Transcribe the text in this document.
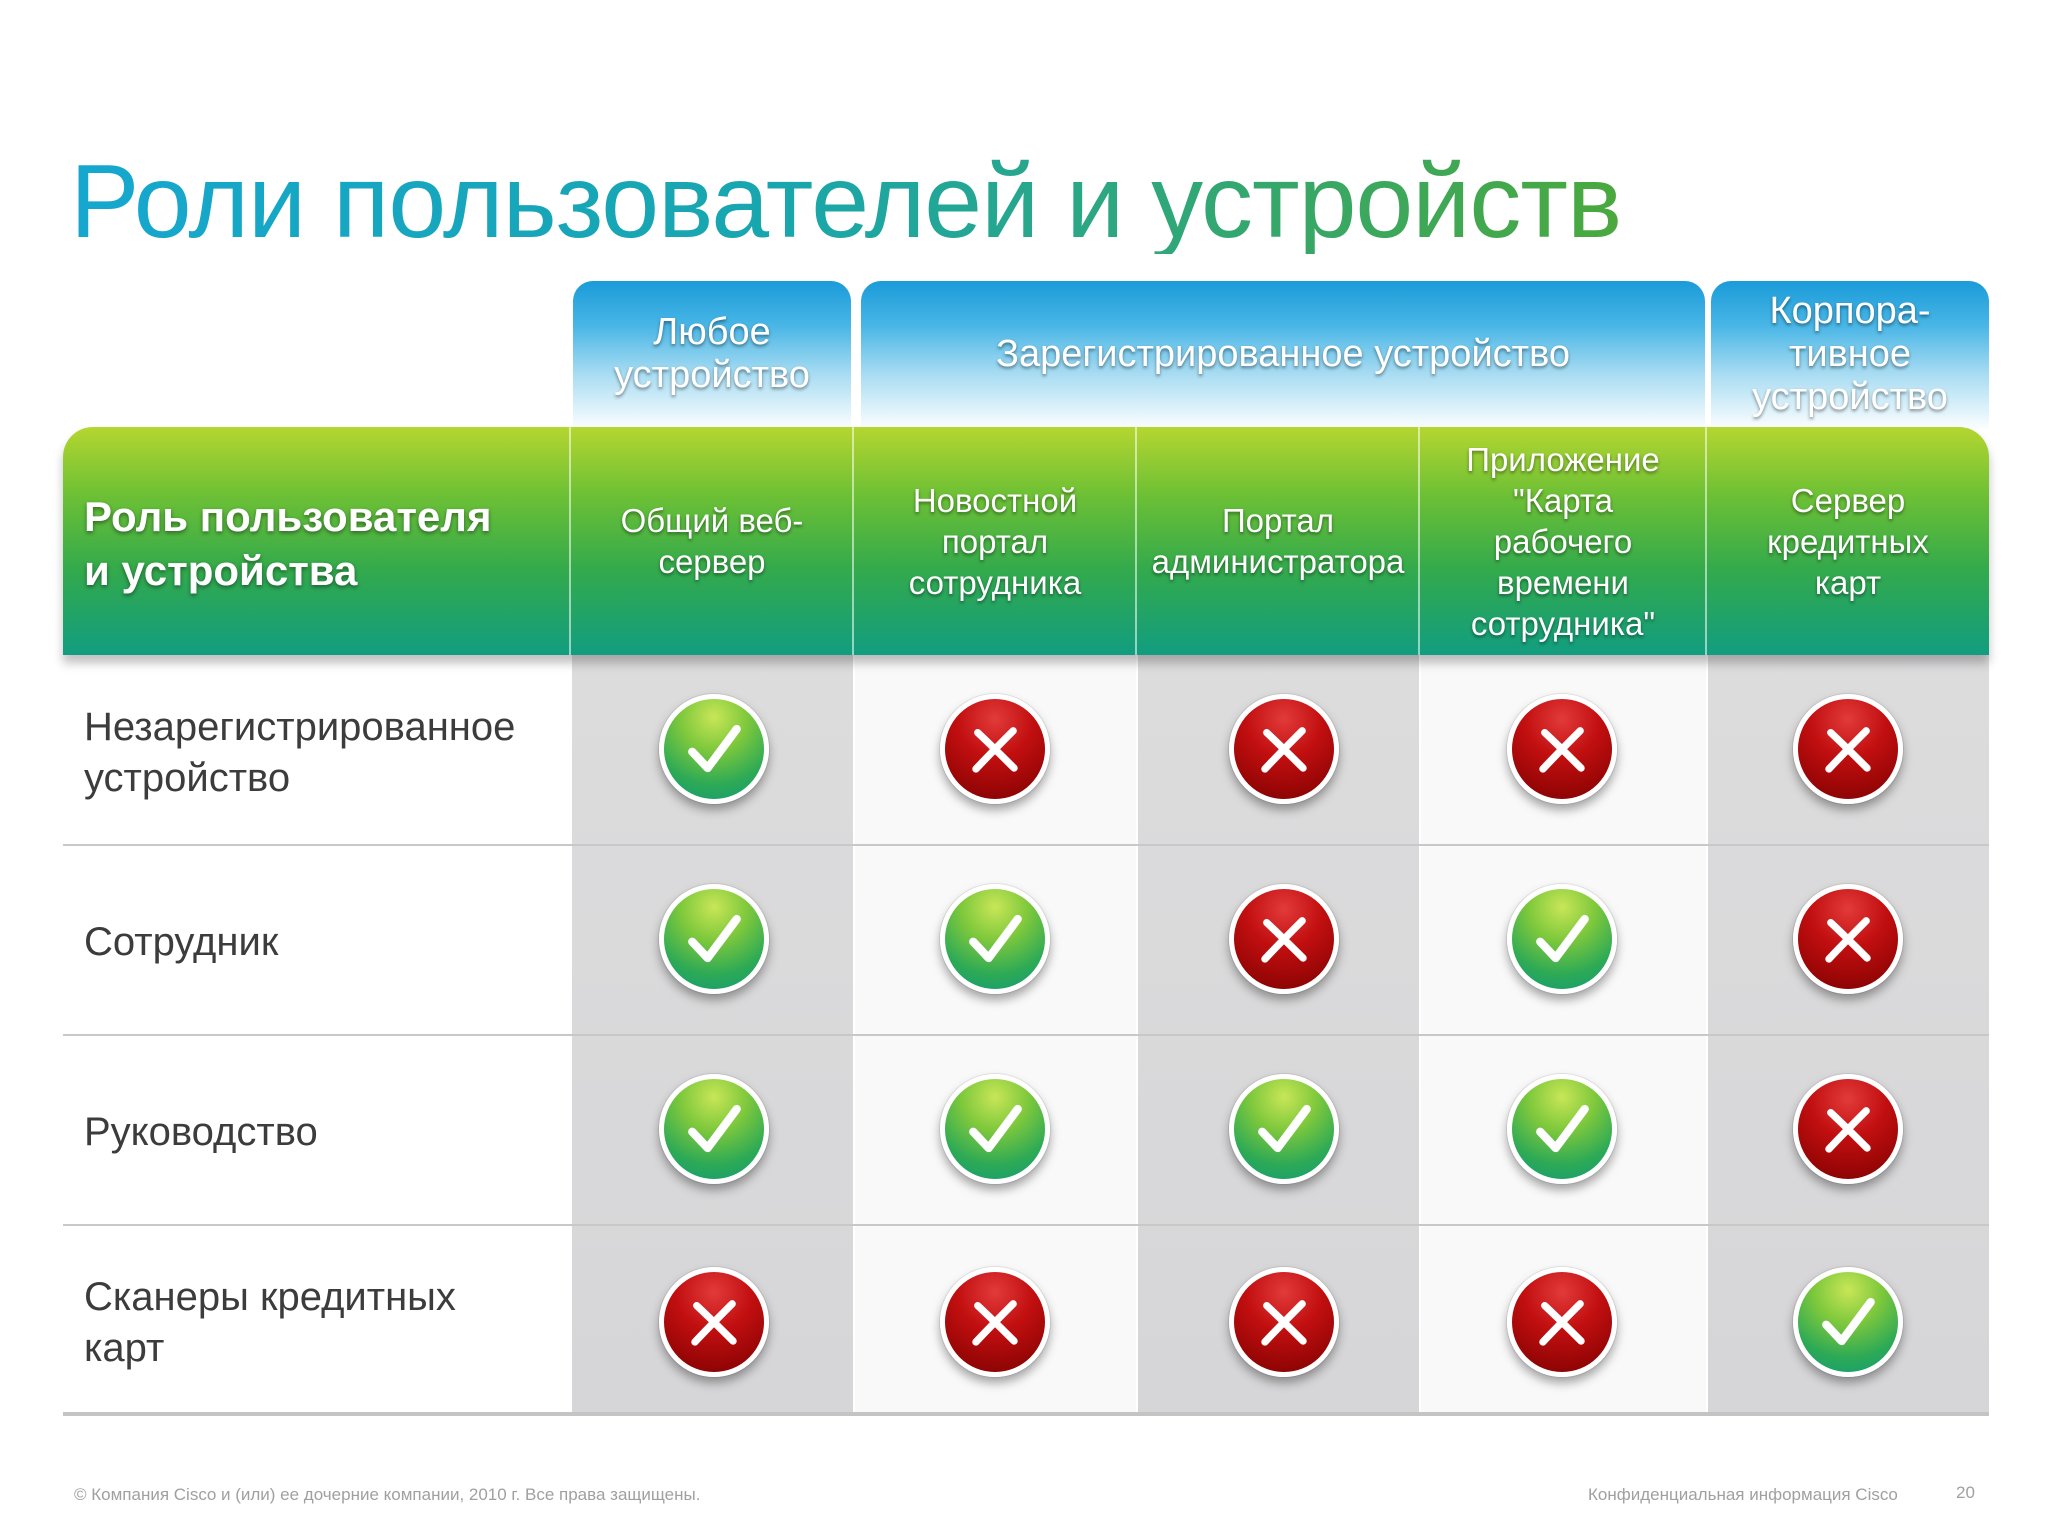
Роли пользователей и устройств
Любое
устройство
Зарегистрированное устройство
Корпора-
тивное
устройство
Роль пользователя
и устройства
Общий веб-
сервер
Новостной
портал
сотрудника
Портал
администратора
Приложение
"Карта
рабочего
времени
сотрудника"
Сервер
кредитных
карт
Незарегистрированное
устройство
Сотрудник
Руководство
Сканеры кредитных
карт
© Компания Cisco и (или) ее дочерние компании, 2010 г. Все права защищены.	Конфиденциальная информация Cisco	20
